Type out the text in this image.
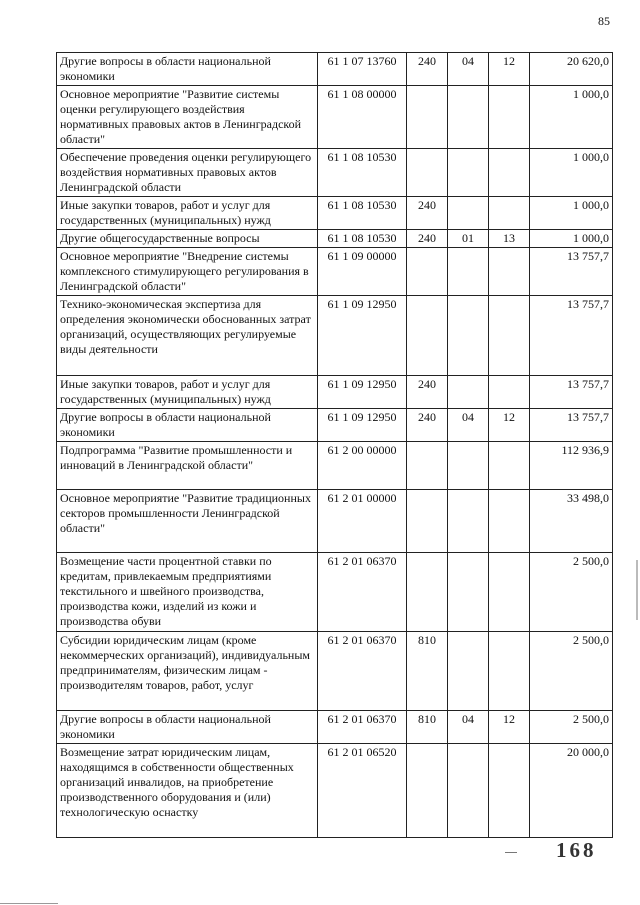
85
Другие вопросы в области национальной экономики	61 1 07 13760	240	04	12	20 620,0
Основное мероприятие "Развитие системы оценки регулирующего воздействия нормативных правовых актов в Ленинградской области"	61 1 08 00000				1 000,0
Обеспечение проведения оценки регулирующего воздействия нормативных правовых актов Ленинградской области	61 1 08 10530				1 000,0
Иные закупки товаров, работ и услуг для государственных (муниципальных) нужд	61 1 08 10530	240			1 000,0
Другие общегосударственные вопросы	61 1 08 10530	240	01	13	1 000,0
Основное мероприятие "Внедрение системы комплексного стимулирующего регулирования в Ленинградской области"	61 1 09 00000				13 757,7
Технико-экономическая экспертиза для определения экономически обоснованных затрат организаций, осуществляющих регулируемые виды деятельности	61 1 09 12950				13 757,7
Иные закупки товаров, работ и услуг для государственных (муниципальных) нужд	61 1 09 12950	240			13 757,7
Другие вопросы в области национальной экономики	61 1 09 12950	240	04	12	13 757,7
Подпрограмма "Развитие промышленности и инноваций в Ленинградской области"	61 2 00 00000				112 936,9
Основное мероприятие "Развитие традиционных секторов промышленности Ленинградской области"	61 2 01 00000				33 498,0
Возмещение части процентной ставки по кредитам, привлекаемым предприятиями текстильного и швейного производства, производства кожи, изделий из кожи и производства обуви	61 2 01 06370				2 500,0
Субсидии юридическим лицам (кроме некоммерческих организаций), индивидуальным предпринимателям, физическим лицам - производителям товаров, работ, услуг	61 2 01 06370	810			2 500,0
Другие вопросы в области национальной экономики	61 2 01 06370	810	04	12	2 500,0
Возмещение затрат юридическим лицам, находящимся в собственности общественных организаций инвалидов, на приобретение производственного оборудования и (или) технологическую оснастку	61 2 01 06520				20 000,0
168
